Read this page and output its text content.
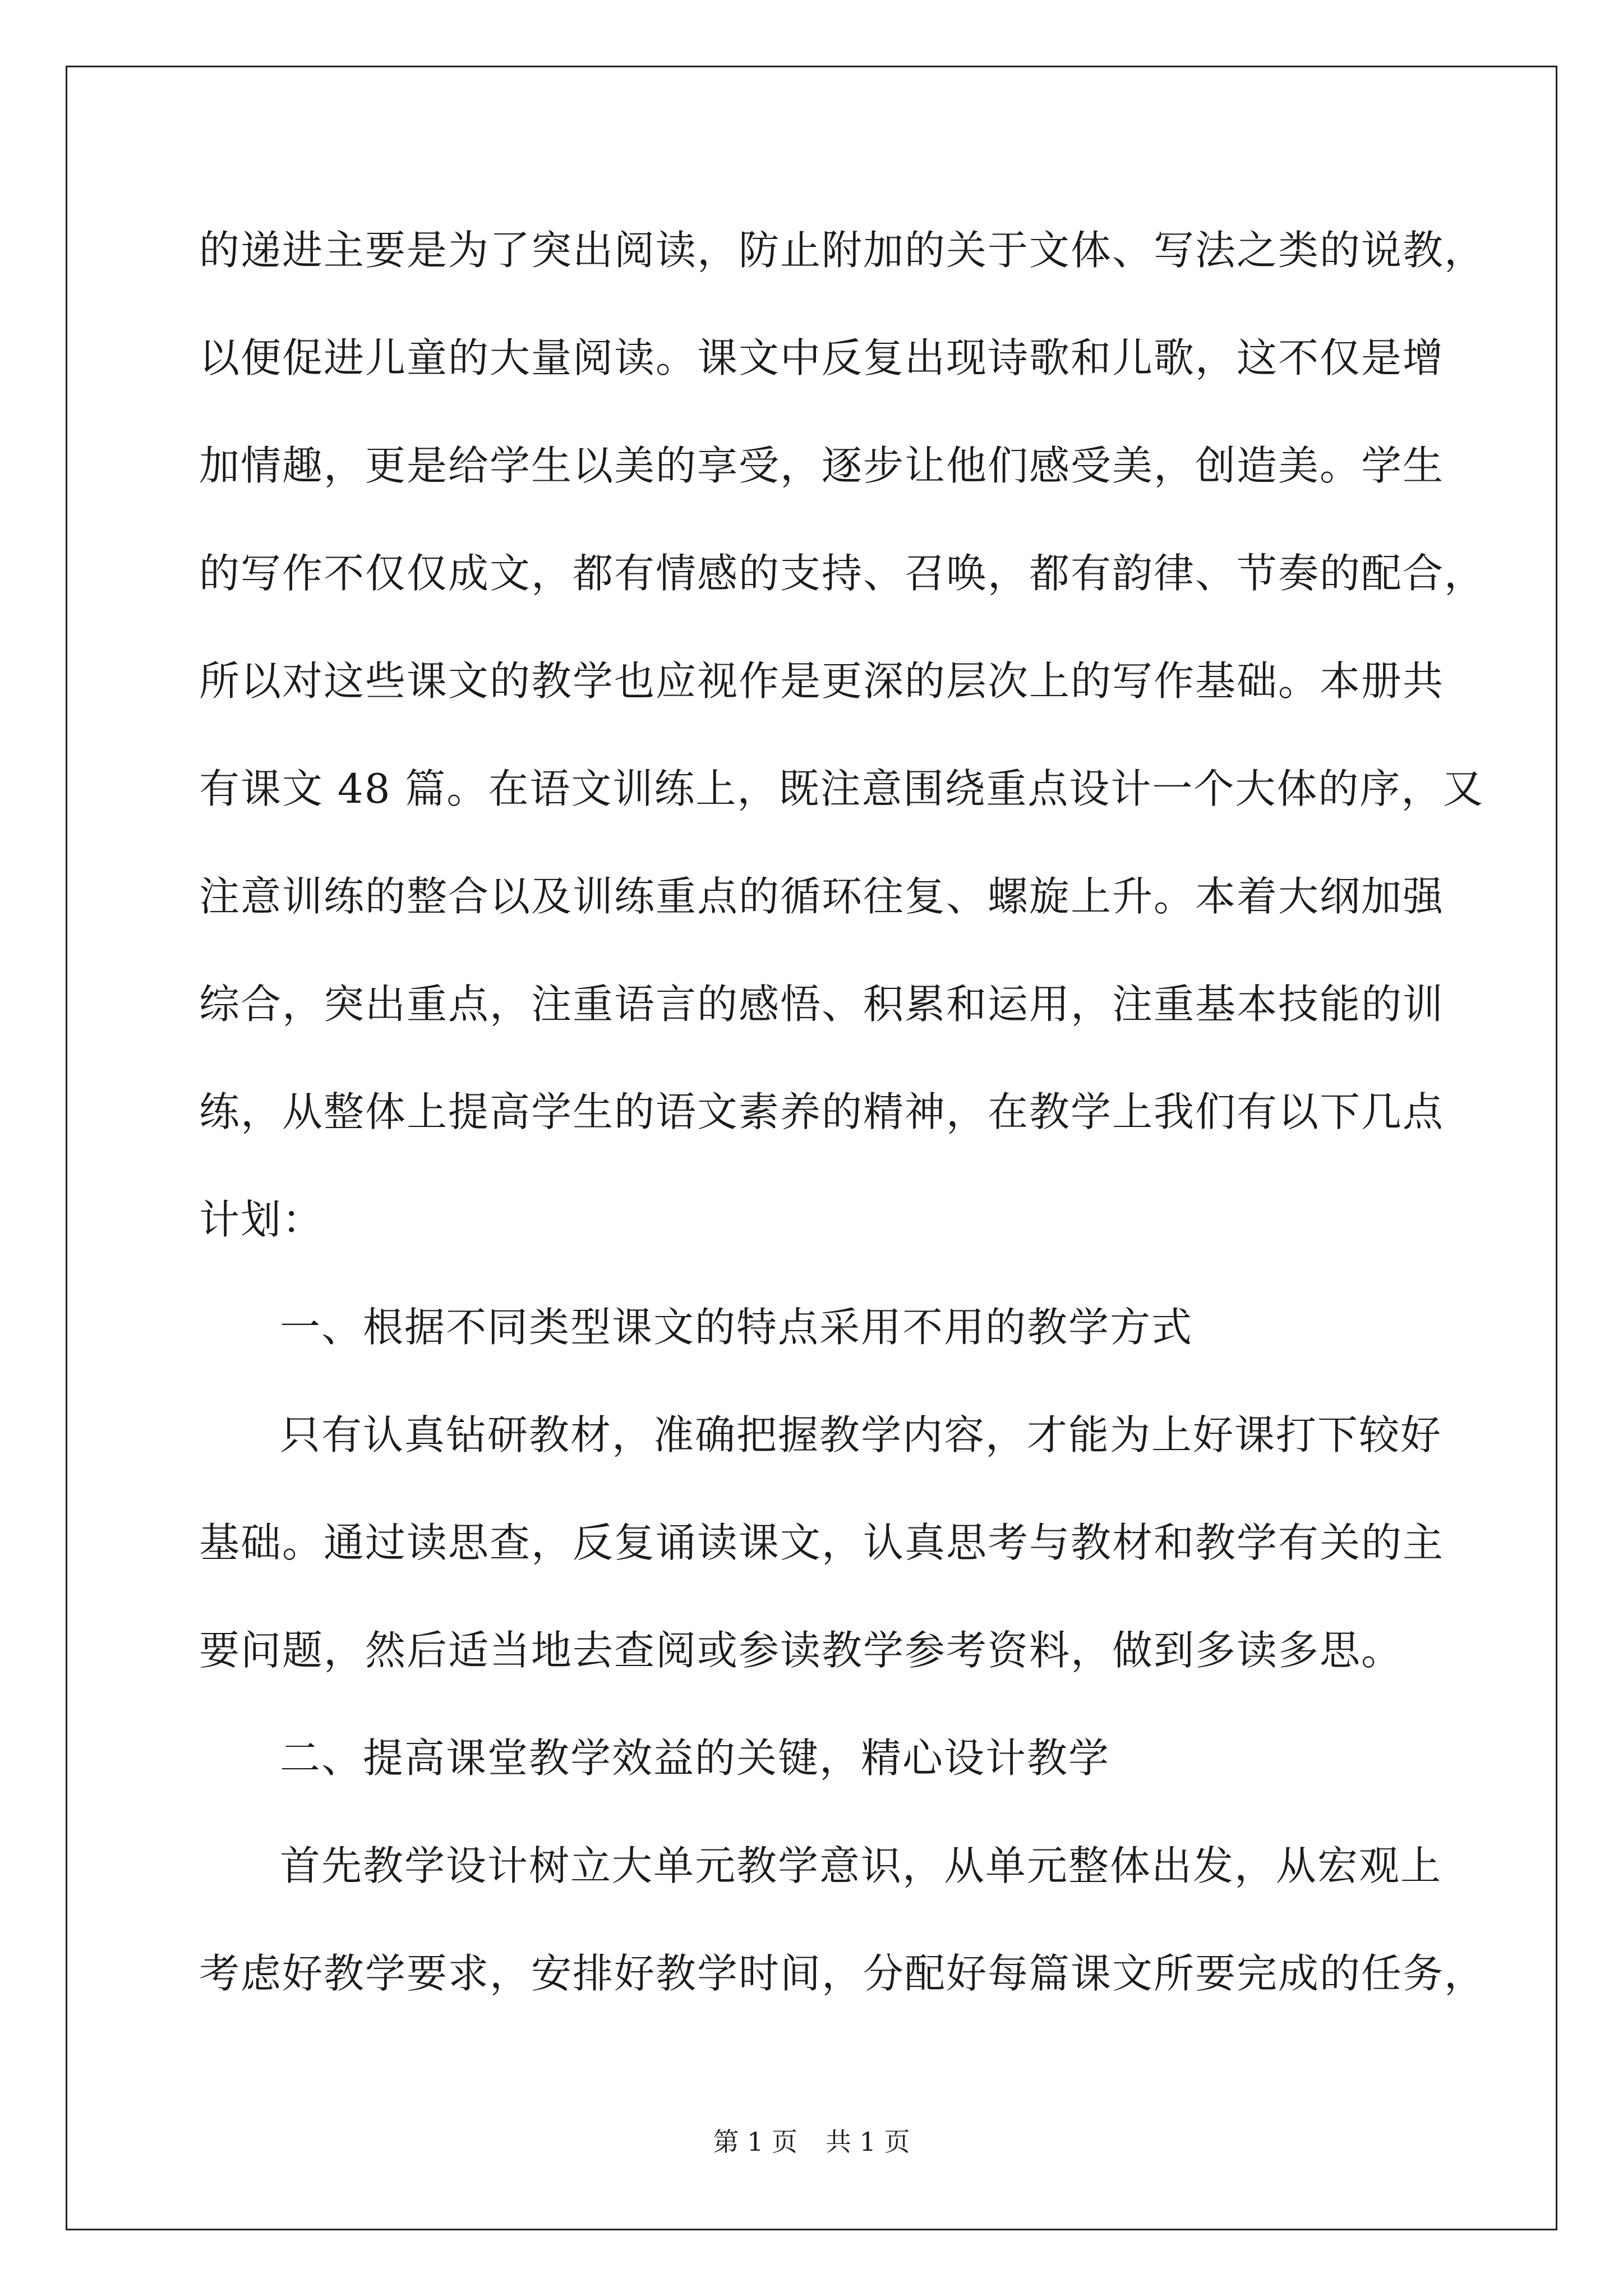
的递进主要是为了突出阅读，防止附加的关于文体、写法之类的说教，
以便促进儿童的大量阅读。课文中反复出现诗歌和儿歌，这不仅是增
加情趣，更是给学生以美的享受，逐步让他们感受美，创造美。学生
的写作不仅仅成文，都有情感的支持、召唤，都有韵律、节奏的配合，
所以对这些课文的教学也应视作是更深的层次上的写作基础。本册共
有课文 48 篇。在语文训练上，既注意围绕重点设计一个大体的序，又
注意训练的整合以及训练重点的循环往复、螺旋上升。本着大纲加强
综合，突出重点，注重语言的感悟、积累和运用，注重基本技能的训
练，从整体上提高学生的语文素养的精神，在教学上我们有以下几点
计划：
一、根据不同类型课文的特点采用不用的教学方式
只有认真钻研教材，准确把握教学内容，才能为上好课打下较好
基础。通过读思查，反复诵读课文，认真思考与教材和教学有关的主
要问题，然后适当地去查阅或参读教学参考资料，做到多读多思。
二、提高课堂教学效益的关键，精心设计教学
首先教学设计树立大单元教学意识，从单元整体出发，从宏观上
考虑好教学要求，安排好教学时间，分配好每篇课文所要完成的任务，
第 1 页 共 1 页
